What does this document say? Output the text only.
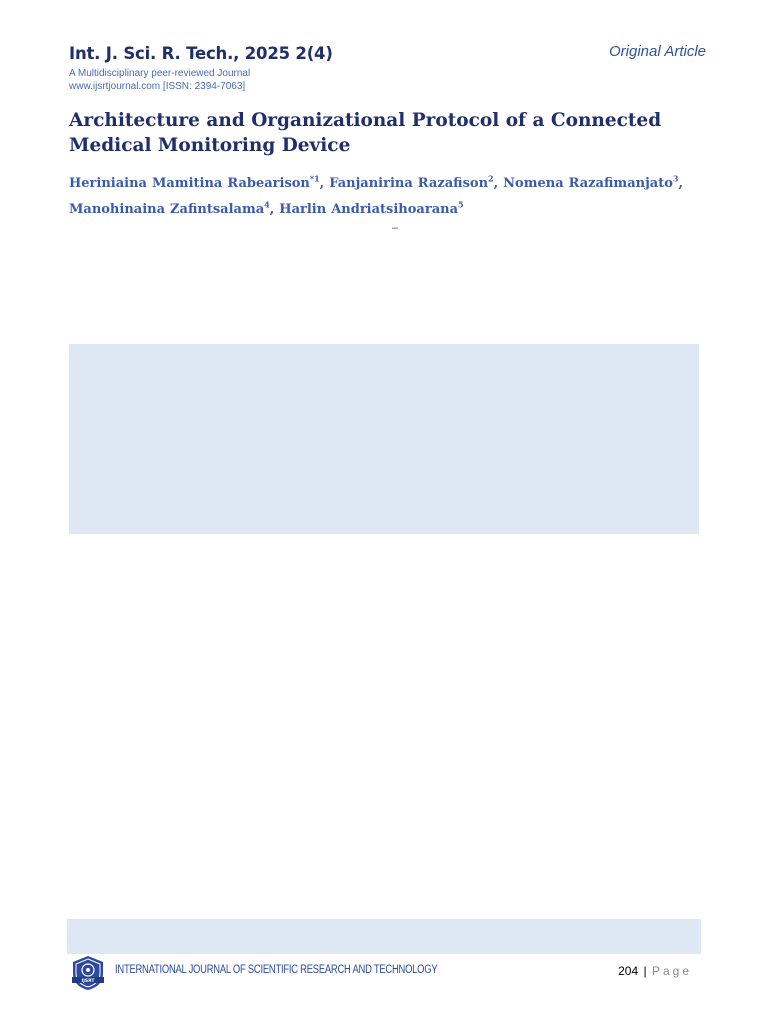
Int. J. Sci. R. Tech., 2025 2(4)
A Multidisciplinary peer-reviewed Journal
www.ijsrtjournal.com [ISSN: 2394-7063]
Original Article
Architecture and Organizational Protocol of a Connected Medical Monitoring Device
Heriniaina Mamitina Rabearison$^{*1}$, Fanjanirina Razafison$^2$, Nomena Razafimanjato$^3$, Manohinaina Zafintsalama$^4$, Harlin Andriatsihoarana$^5$
–
IJSRT
INTERNATIONAL JOURNAL OF SCIENTIFIC RESEARCH AND TECHNOLOGY	204 | Page
